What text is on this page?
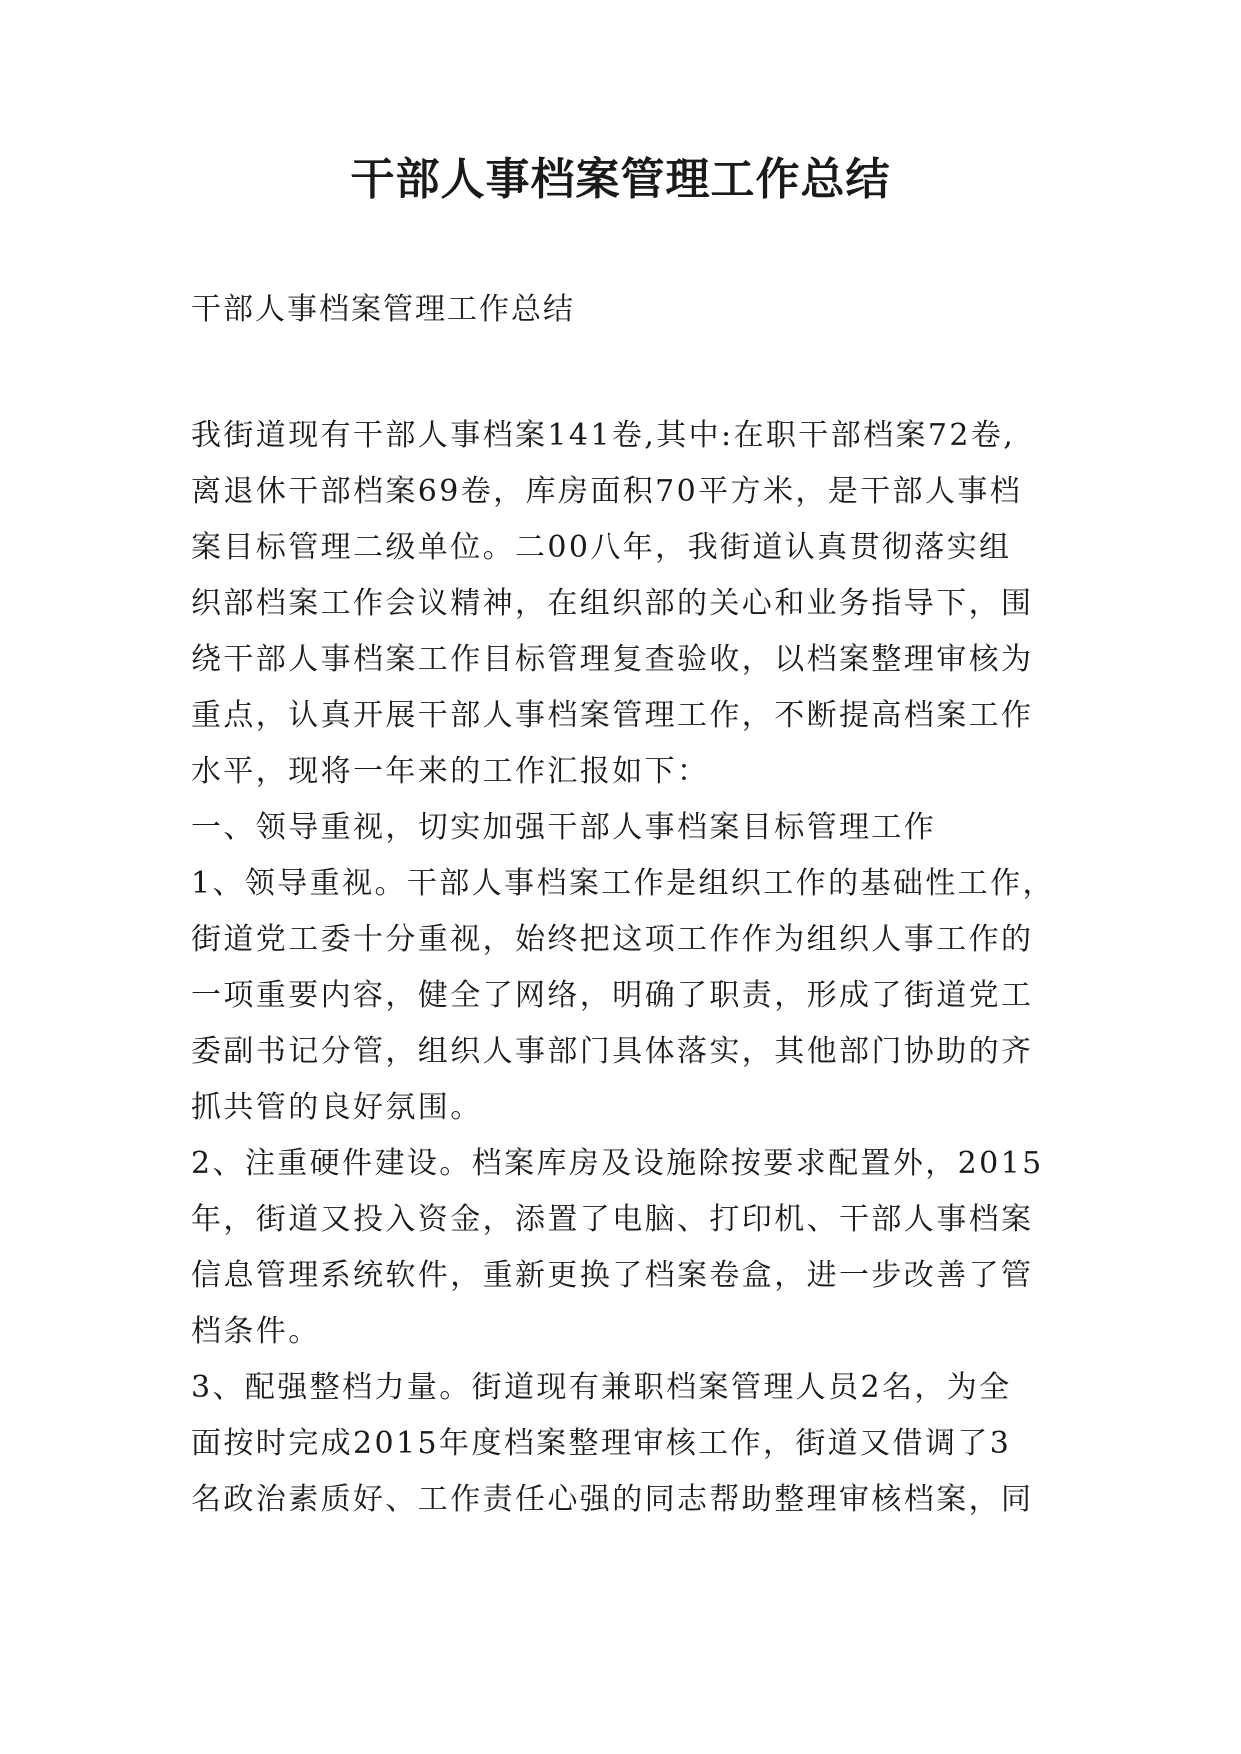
干部人事档案管理工作总结

干部人事档案管理工作总结

我街道现有干部人事档案141卷,其中:在职干部档案72卷,
离退休干部档案69卷，库房面积70平方米，是干部人事档
案目标管理二级单位。二00八年，我街道认真贯彻落实组
织部档案工作会议精神，在组织部的关心和业务指导下，围
绕干部人事档案工作目标管理复查验收，以档案整理审核为
重点，认真开展干部人事档案管理工作，不断提高档案工作
水平，现将一年来的工作汇报如下：
一、领导重视，切实加强干部人事档案目标管理工作
1、领导重视。干部人事档案工作是组织工作的基础性工作，
街道党工委十分重视，始终把这项工作作为组织人事工作的
一项重要内容，健全了网络，明确了职责，形成了街道党工
委副书记分管，组织人事部门具体落实，其他部门协助的齐
抓共管的良好氛围。
2、注重硬件建设。档案库房及设施除按要求配置外，2015
年，街道又投入资金，添置了电脑、打印机、干部人事档案
信息管理系统软件，重新更换了档案卷盒，进一步改善了管
档条件。
3、配强整档力量。街道现有兼职档案管理人员2名，为全
面按时完成2015年度档案整理审核工作，街道又借调了3
名政治素质好、工作责任心强的同志帮助整理审核档案，同
